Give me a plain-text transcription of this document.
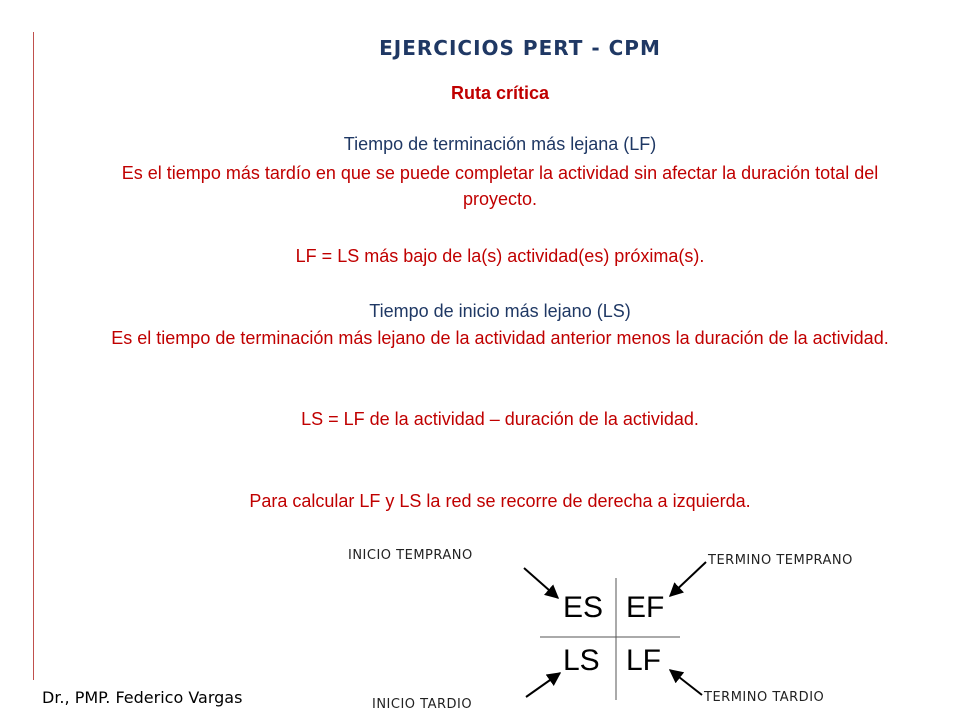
EJERCICIOS PERT - CPM
Ruta crítica
Tiempo de terminación más lejana (LF)
Es el tiempo más tardío en que se puede completar la actividad sin afectar la duración total del proyecto.
LF = LS más bajo de la(s) actividad(es) próxima(s).
Tiempo de inicio más lejano (LS)
Es el tiempo de terminación más lejano de la actividad anterior menos la duración de la actividad.
LS = LF de la actividad – duración de la actividad.
Para calcular LF y LS la red se recorre de derecha a izquierda.
INICIO TEMPRANO	TERMINO TEMPRANO
INICIO TARDIO	TERMINO TARDIO
ES EF
LS LF
Dr., PMP. Federico Vargas
